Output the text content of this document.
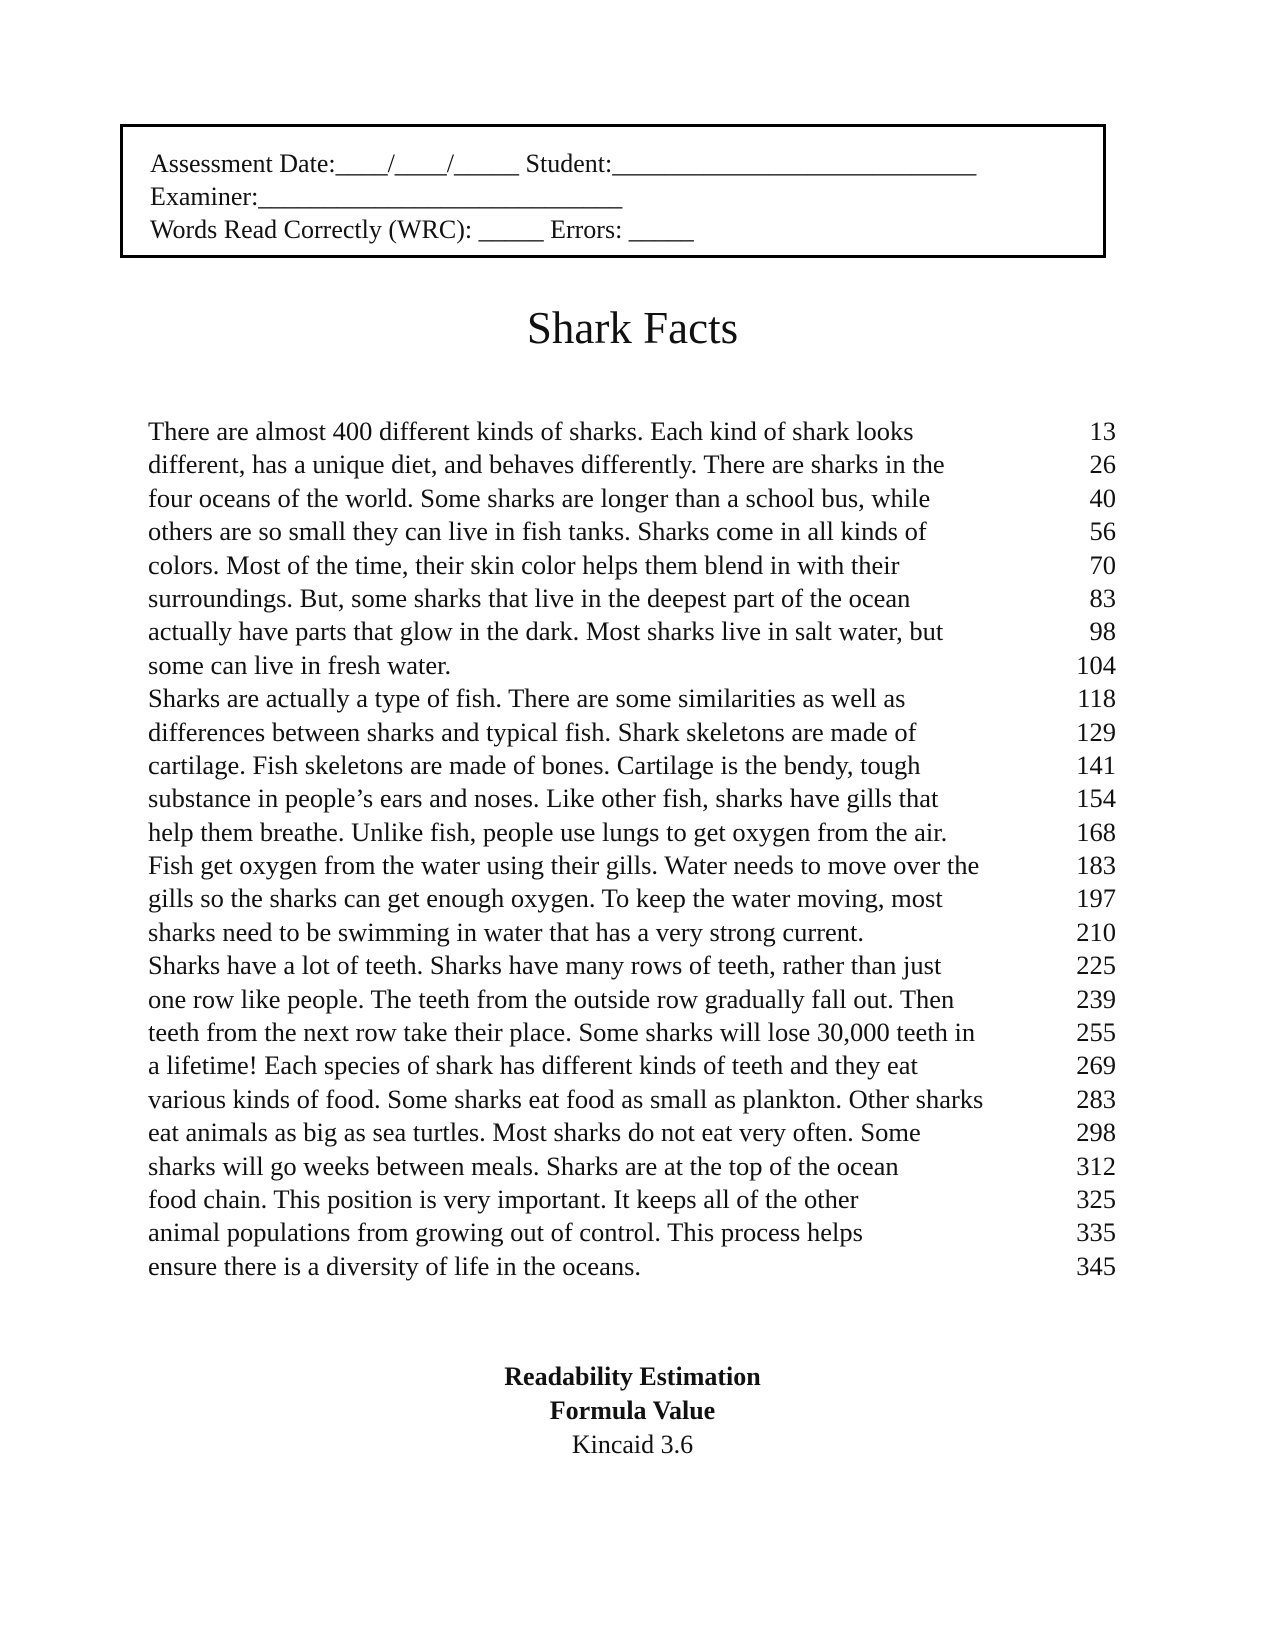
Assessment Date:____/____/_____ Student:____________________________
Examiner:____________________________
Words Read Correctly (WRC): _____ Errors: _____
Shark Facts
There are almost 400 different kinds of sharks. Each kind of shark looks	13
different, has a unique diet, and behaves differently. There are sharks in the	26
four oceans of the world. Some sharks are longer than a school bus, while	40
others are so small they can live in fish tanks. Sharks come in all kinds of	56
colors. Most of the time, their skin color helps them blend in with their	70
surroundings. But, some sharks that live in the deepest part of the ocean	83
actually have parts that glow in the dark. Most sharks live in salt water, but	98
some can live in fresh water.	104
Sharks are actually a type of fish. There are some similarities as well as	118
differences between sharks and typical fish. Shark skeletons are made of	129
cartilage. Fish skeletons are made of bones. Cartilage is the bendy, tough	141
substance in people’s ears and noses. Like other fish, sharks have gills that	154
help them breathe. Unlike fish, people use lungs to get oxygen from the air.	168
Fish get oxygen from the water using their gills. Water needs to move over the	183
gills so the sharks can get enough oxygen. To keep the water moving, most	197
sharks need to be swimming in water that has a very strong current.	210
Sharks have a lot of teeth. Sharks have many rows of teeth, rather than just	225
one row like people. The teeth from the outside row gradually fall out. Then	239
teeth from the next row take their place. Some sharks will lose 30,000 teeth in	255
a lifetime! Each species of shark has different kinds of teeth and they eat	269
various kinds of food. Some sharks eat food as small as plankton. Other sharks	283
eat animals as big as sea turtles. Most sharks do not eat very often. Some	298
sharks will go weeks between meals. Sharks are at the top of the ocean	312
food chain. This position is very important. It keeps all of the other	325
animal populations from growing out of control. This process helps	335
ensure there is a diversity of life in the oceans.	345
Readability Estimation
Formula Value
Kincaid 3.6
